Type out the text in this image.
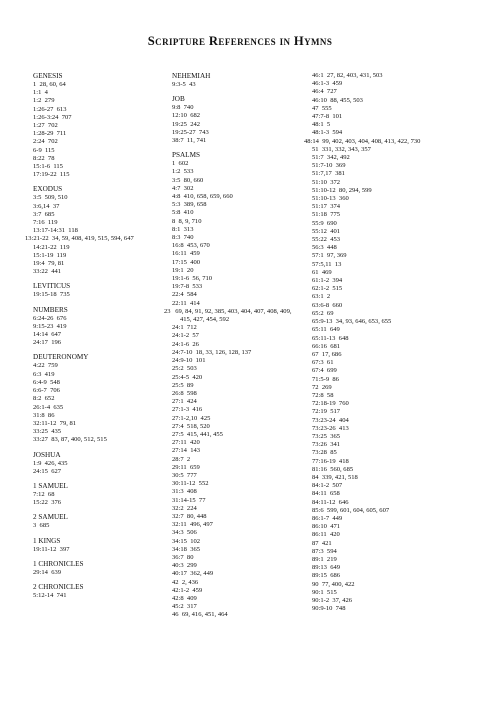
Scripture References in Hymns
GENESIS
1 28, 60, 64
1:1 4
1:2 279
1:26-27 613
1:26-3:24 707
1:27 702
1:28-29 711
2:24 702
6-9 115
8:22 78
15:1-6 115
17:19-22 115
EXODUS
3:5 509, 510
3:6,14 37
3:7 685
7:16 119
13:17-14:31 118
13:21-22 34, 59, 408, 419, 515, 594, 647
14:21-22 119
15:1-19 119
19:4 79, 81
33:22 441
LEVITICUS
19:15-18 735
NUMBERS
6:24-26 676
9:15-23 419
14:14 647
24:17 196
DEUTERONOMY
4:22 759
6:3 419
6:4-9 548
6:6-7 706
8:2 652
26:1-4 635
31:8 86
32:11-12 79, 81
33:25 435
33:27 83, 87, 400, 512, 515
JOSHUA
1:9 426, 435
24:15 627
1 SAMUEL
7:12 68
15:22 376
2 SAMUEL
3 685
1 KINGS
19:11-12 397
1 CHRONICLES
29:14 639
2 CHRONICLES
5:12-14 741
NEHEMIAH
9:3-5 43
JOB
9:8 740
12:10 682
19:25 242
19:25-27 743
38:7 11, 741
PSALMS
1 602
1:2 533
3:5 80, 660
4:7 302
4:8 410, 658, 659, 660
5:3 389, 658
5:8 410
8 8, 9, 710
8:1 313
8:3 740
16:8 453, 670
16:11 459
17:15 400
19:1 20
19:1-6 56, 710
19:7-8 533
22:4 584
22:11 414
23 69, 84, 91, 92, 385, 403, 404, 407, 408, 409, 415, 427, 454, 592
24:1 712
24:1-2 57
24:1-6 26
24:7-10 18, 33, 126, 128, 137
24:9-10 101
25:2 503
25:4-5 420
25:5 89
26:8 598
27:1 424
27:1-3 416
27:1-2,10 425
27:4 518, 520
27:5 415, 441, 455
27:11 420
27:14 143
28:7 2
29:11 659
30:5 777
30:11-12 552
31:3 408
31:14-15 77
32:2 224
32:7 80, 448
32:11 496, 497
34:3 506
34:15 102
34:18 365
36:7 80
40:3 299
40:17 362, 449
42 2, 436
42:1-2 459
42:8 409
45:2 317
46 69, 416, 451, 464
46:1 27, 82, 403, 431, 503
46:1-3 459
46:4 727
46:10 88, 455, 503
47 555
47:7-8 101
48:1 5
48:1-3 594
48:14 99, 402, 403, 404, 408, 413, 422, 730
51 331, 332, 343, 357
51:7 342, 492
51:7-10 369
51:7,17 381
51:10 372
51:10-12 80, 294, 599
51:10-13 360
51:17 374
51:18 775
55:9 690
55:12 401
55:22 453
56:3 448
57:1 97, 369
57:5,11 13
61 469
61:1-2 394
62:1-2 515
63:1 2
63:6-8 660
65:2 69
65:9-13 34, 93, 646, 653, 655
65:11 649
65:11-13 648
66:16 681
67 17, 686
67:3 61
67:4 699
71:5-9 86
72 269
72:8 58
72:18-19 760
72:19 517
73:23-24 404
73:23-26 413
73:25 365
73:26 341
73:28 85
77:16-19 418
81:16 560, 685
84 339, 421, 518
84:1-2 507
84:11 658
84:11-12 646
85:6 599, 601, 604, 605, 607
86:1-7 449
86:10 471
86:11 420
87 421
87:3 594
89:1 219
89:13 649
89:15 686
90 77, 400, 422
90:1 515
90:1-2 37, 426
90:9-10 748
